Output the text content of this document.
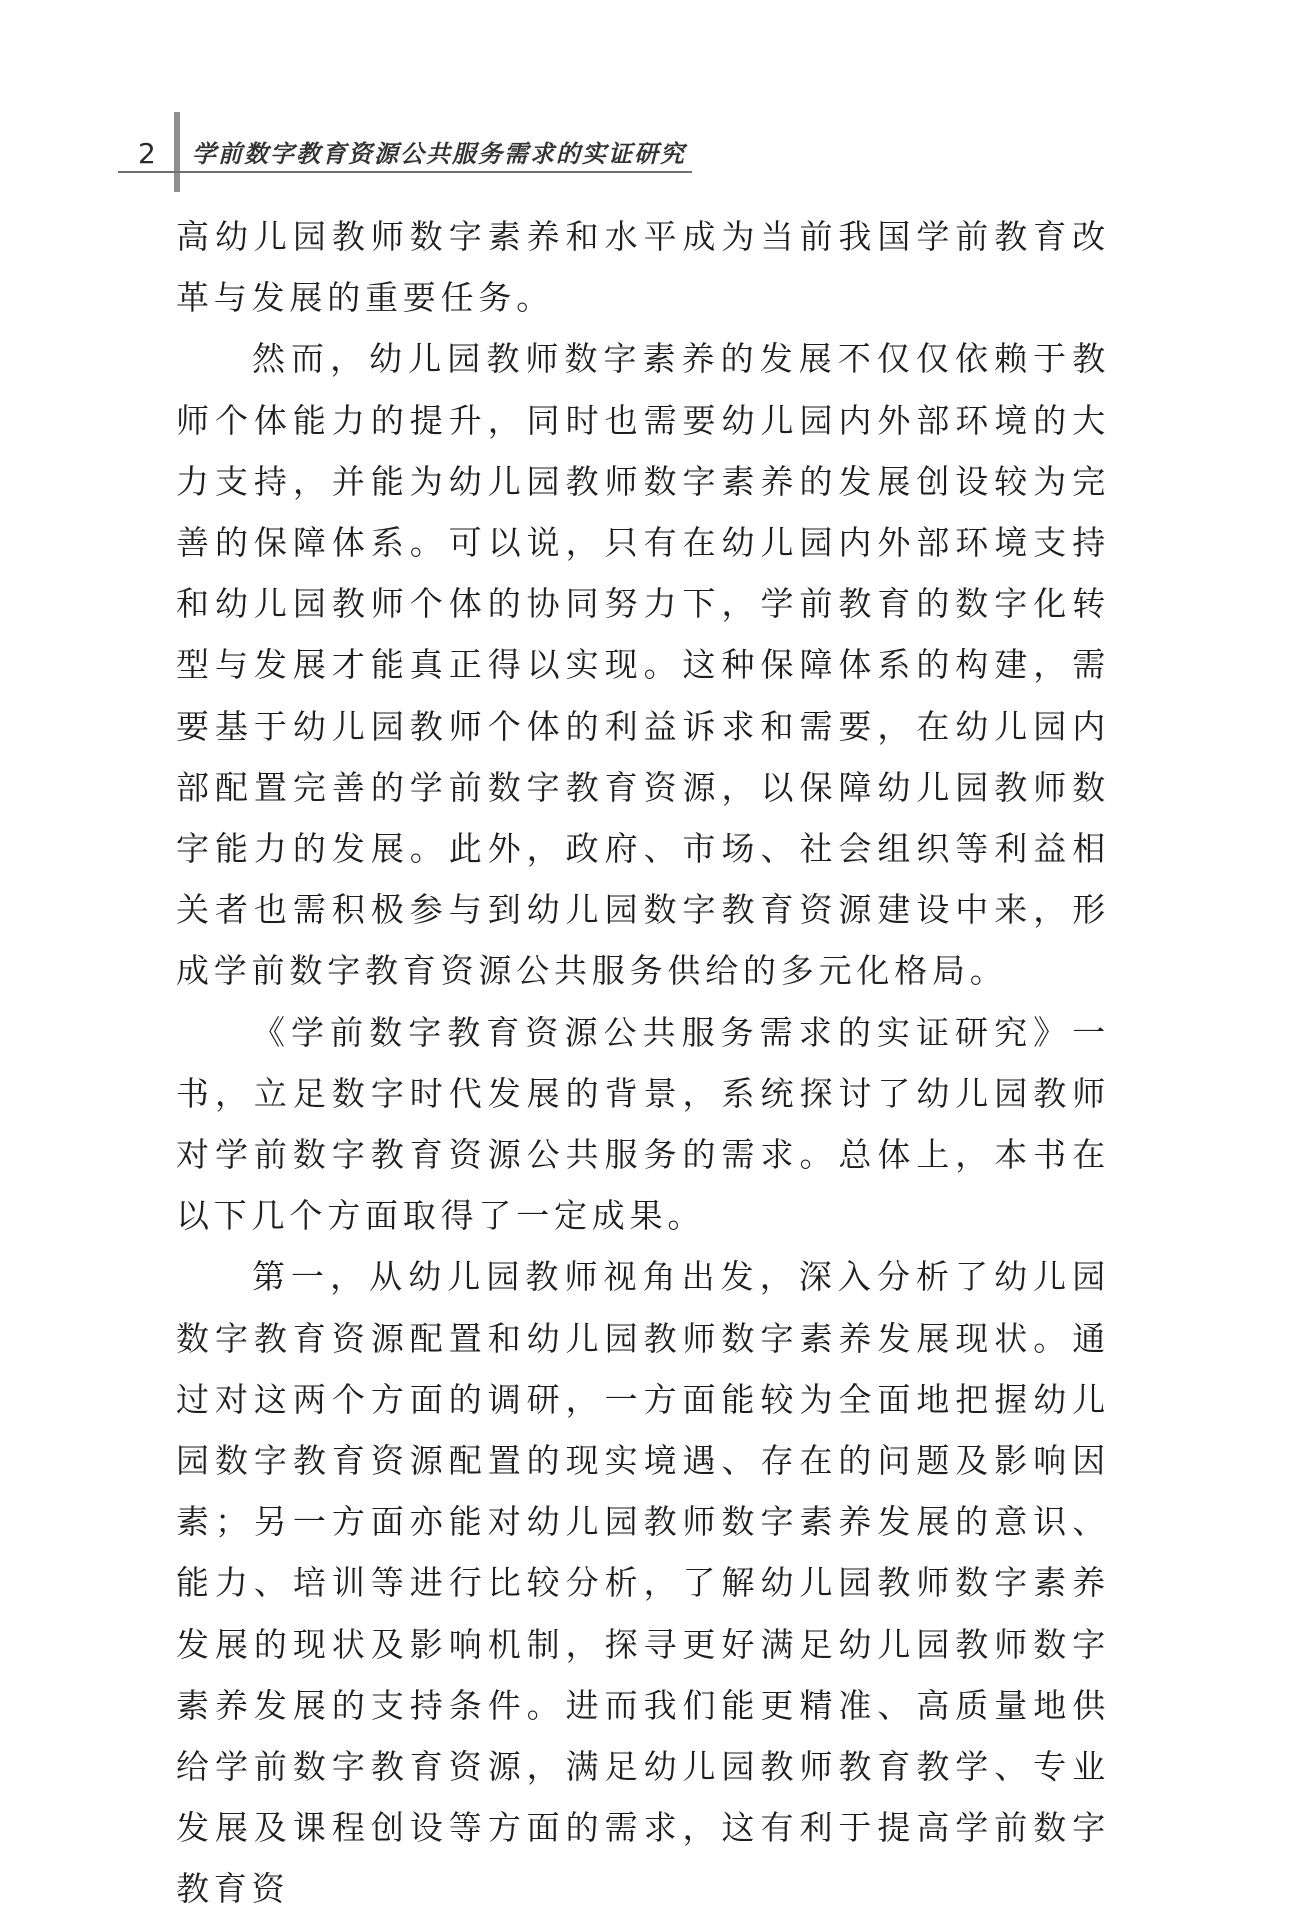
2 学前数字教育资源公共服务需求的实证研究

高幼儿园教师数字素养和水平成为当前我国学前教育改革与发展的重要任务。

然而，幼儿园教师数字素养的发展不仅仅依赖于教师个体能力的提升，同时也需要幼儿园内外部环境的大力支持，并能为幼儿园教师数字素养的发展创设较为完善的保障体系。可以说，只有在幼儿园内外部环境支持和幼儿园教师个体的协同努力下，学前教育的数字化转型与发展才能真正得以实现。这种保障体系的构建，需要基于幼儿园教师个体的利益诉求和需要，在幼儿园内部配置完善的学前数字教育资源，以保障幼儿园教师数字能力的发展。此外，政府、市场、社会组织等利益相关者也需积极参与到幼儿园数字教育资源建设中来，形成学前数字教育资源公共服务供给的多元化格局。

《学前数字教育资源公共服务需求的实证研究》一书，立足数字时代发展的背景，系统探讨了幼儿园教师对学前数字教育资源公共服务的需求。总体上，本书在以下几个方面取得了一定成果。

第一，从幼儿园教师视角出发，深入分析了幼儿园数字教育资源配置和幼儿园教师数字素养发展现状。通过对这两个方面的调研，一方面能较为全面地把握幼儿园数字教育资源配置的现实境遇、存在的问题及影响因素；另一方面亦能对幼儿园教师数字素养发展的意识、能力、培训等进行比较分析，了解幼儿园教师数字素养发展的现状及影响机制，探寻更好满足幼儿园教师数字素养发展的支持条件。进而我们能更精准、高质量地供给学前数字教育资源，满足幼儿园教师教育教学、专业发展及课程创设等方面的需求，这有利于提高学前数字教育资
